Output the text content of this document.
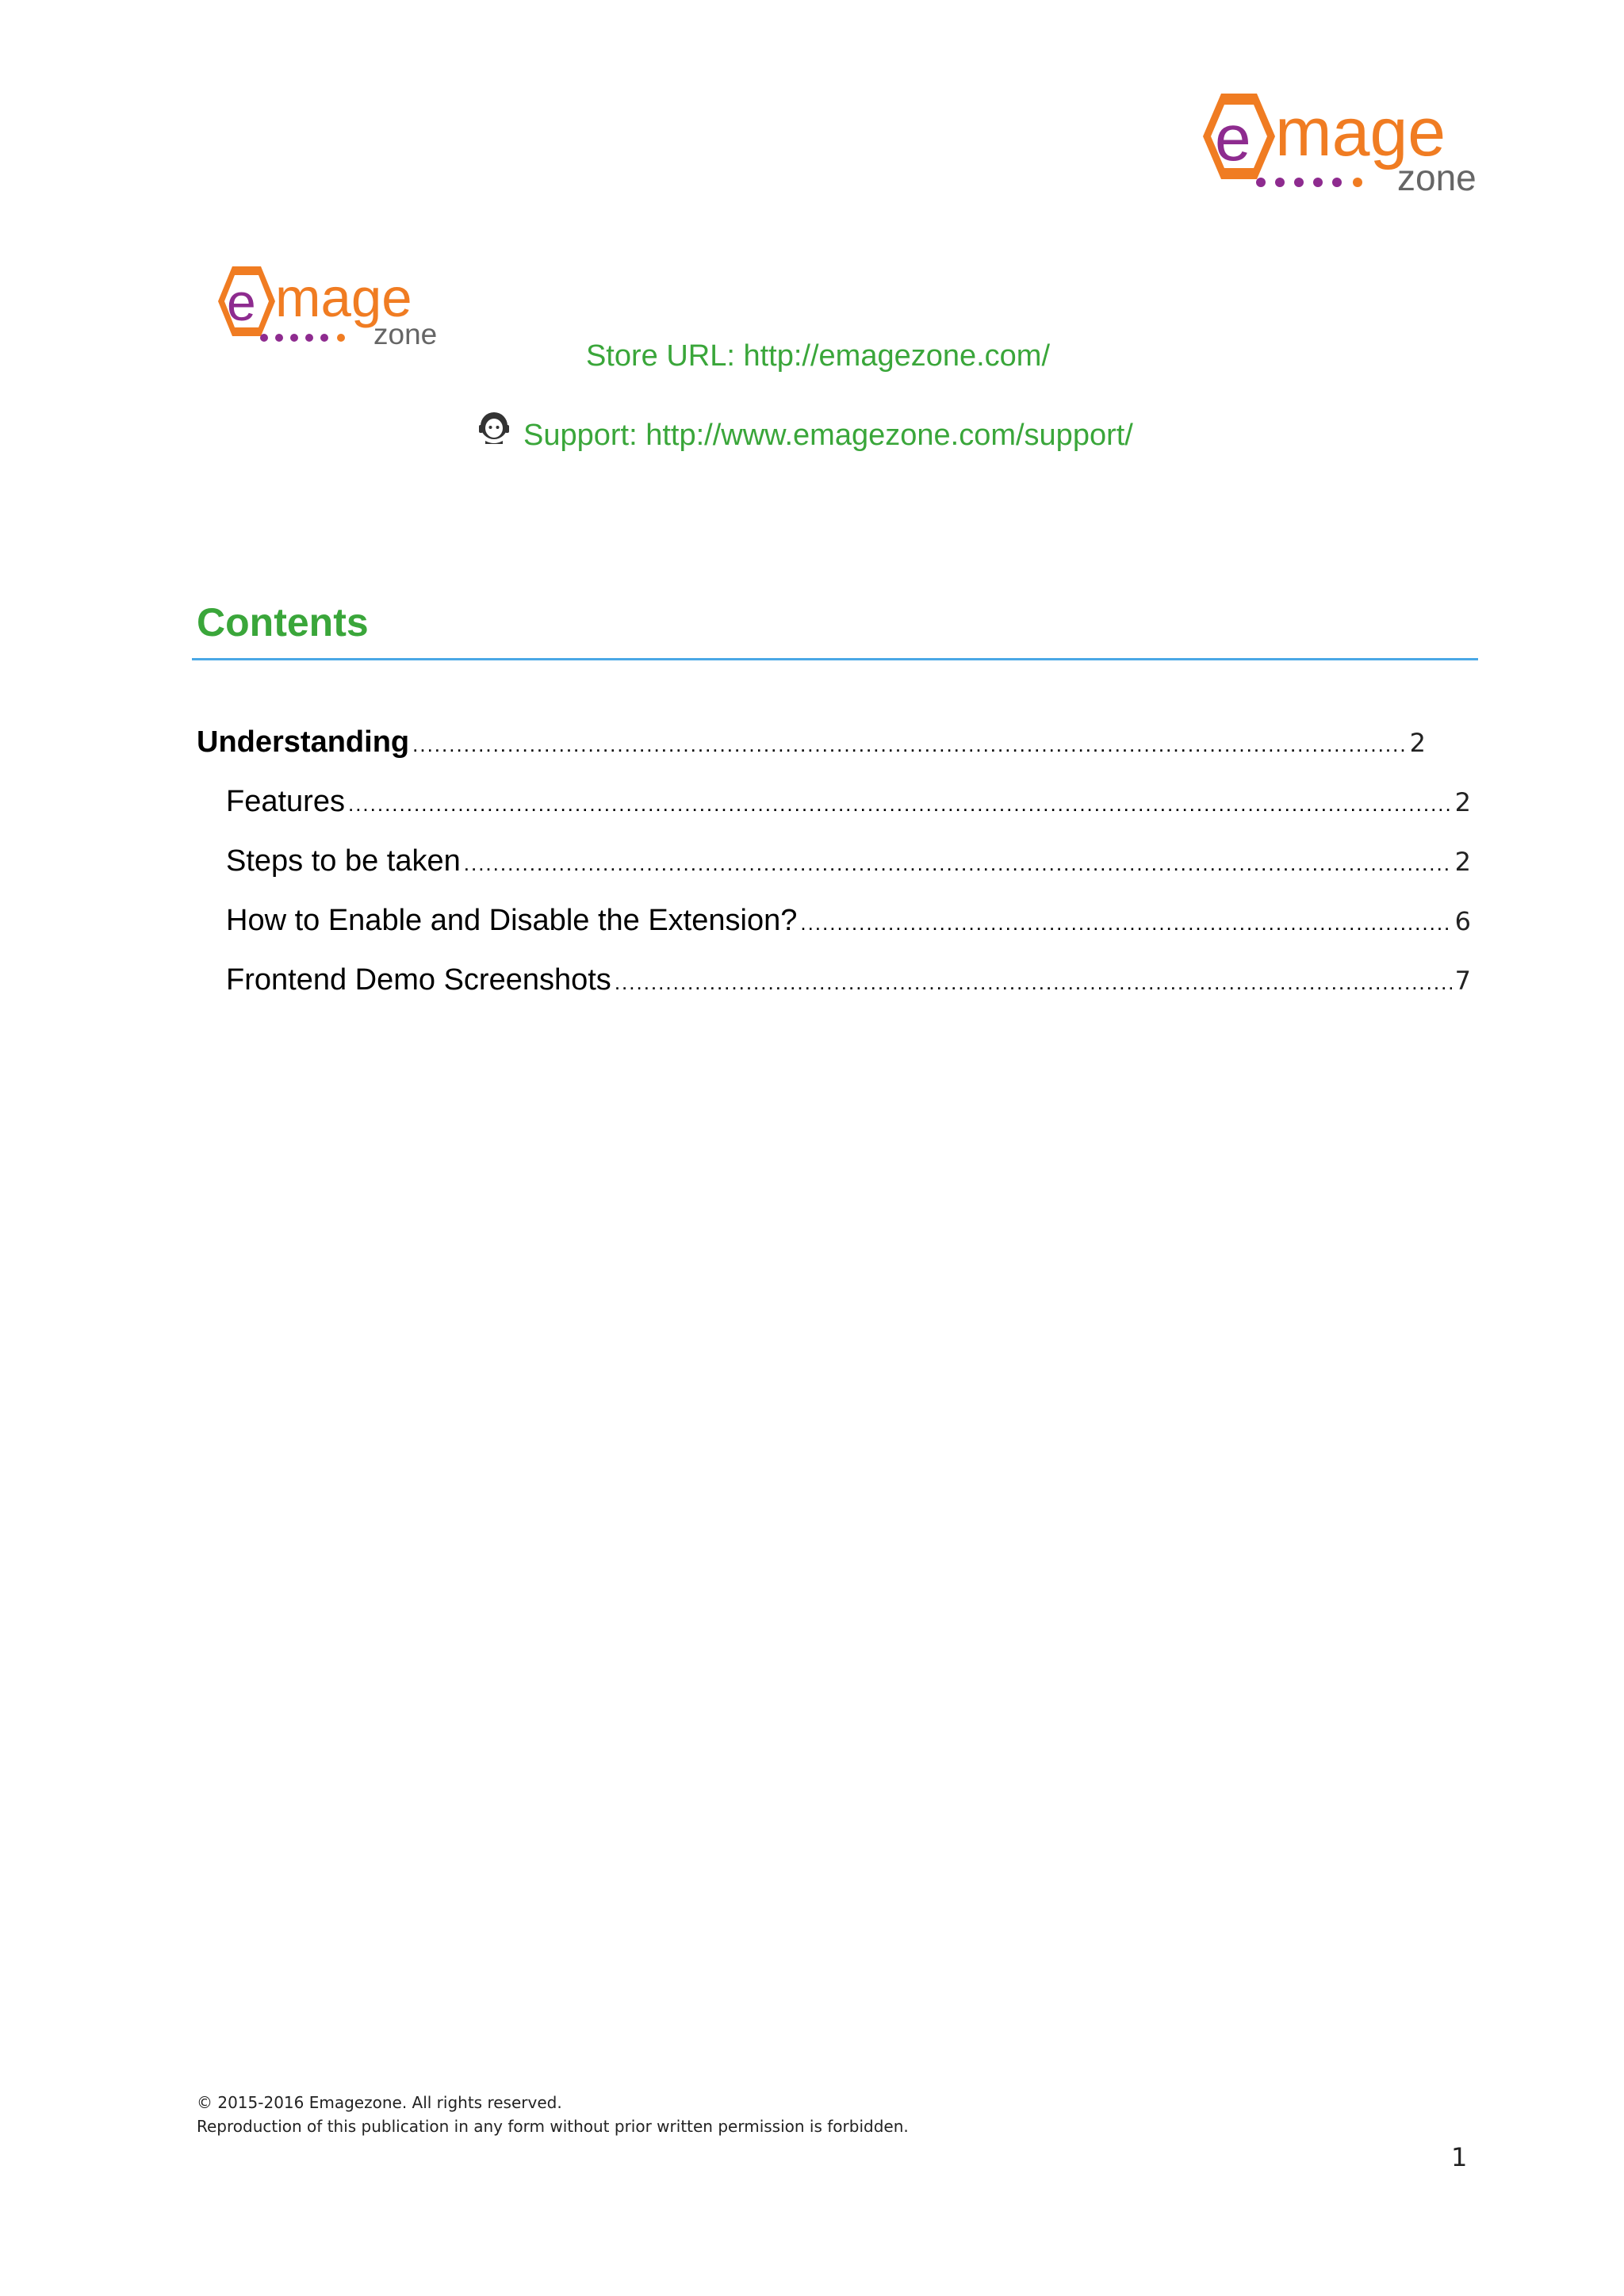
e mage
zone
e mage
zone
Store URL: http://emagezone.com/
Support: http://www.emagezone.com/support/
Contents
Understanding .....	2
Features .....	2
Steps to be taken .....	2
How to Enable and Disable the Extension? .....	6
Frontend Demo Screenshots .....	7
© 2015-2016 Emagezone. All rights reserved.
Reproduction of this publication in any form without prior written permission is forbidden.
1
